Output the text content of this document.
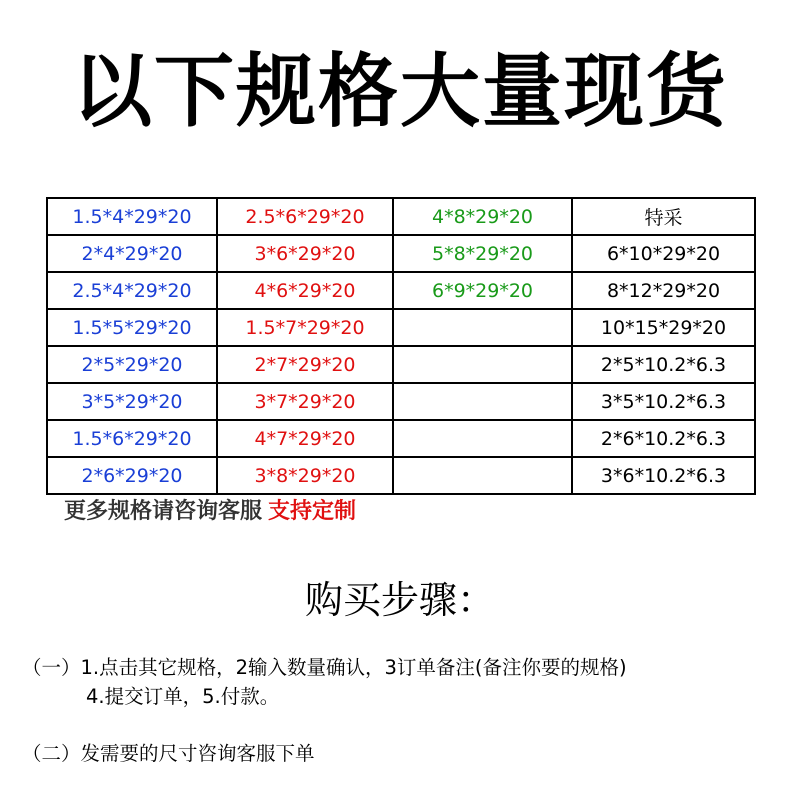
以下规格大量现货
1.5*4*29*20	2.5*6*29*20	4*8*29*20	特采
2*4*29*20	3*6*29*20	5*8*29*20	6*10*29*20
2.5*4*29*20	4*6*29*20	6*9*29*20	8*12*29*20
1.5*5*29*20	1.5*7*29*20		10*15*29*20
2*5*29*20	2*7*29*20		2*5*10.2*6.3
3*5*29*20	3*7*29*20		3*5*10.2*6.3
1.5*6*29*20	4*7*29*20		2*6*10.2*6.3
2*6*29*20	3*8*29*20		3*6*10.2*6.3
更多规格请咨询客服 支持定制
购买步骤：
（一）1.点击其它规格，2输入数量确认，3订单备注(备注你要的规格)
4.提交订单，5.付款。
（二）发需要的尺寸咨询客服下单
